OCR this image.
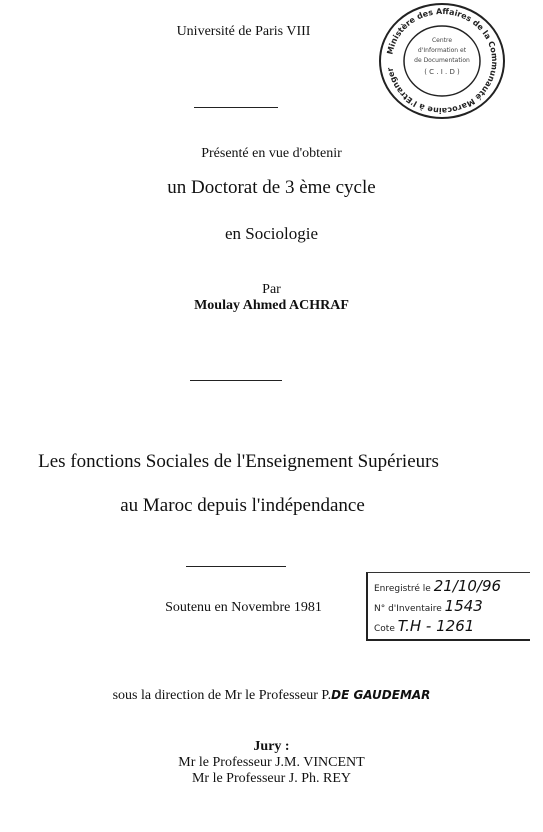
Université de Paris VIII
Ministère des Affaires de la Communauté Marocaine à l'Etranger
Centre
d'Information et
de Documentation
( C . I . D )
Présenté en vue d'obtenir
un Doctorat de 3 ème cycle
en Sociologie
Par
Moulay Ahmed ACHRAF
Les fonctions Sociales de l'Enseignement Supérieurs
au Maroc depuis l'indépendance
Enregistré le 21/10/96
N° d'Inventaire 1543
Cote T.H - 1261
Soutenu en Novembre 1981
sous la direction de Mr le Professeur P.DE GAUDEMAR
Jury :
Mr le Professeur J.M. VINCENT
Mr le Professeur J. Ph. REY
